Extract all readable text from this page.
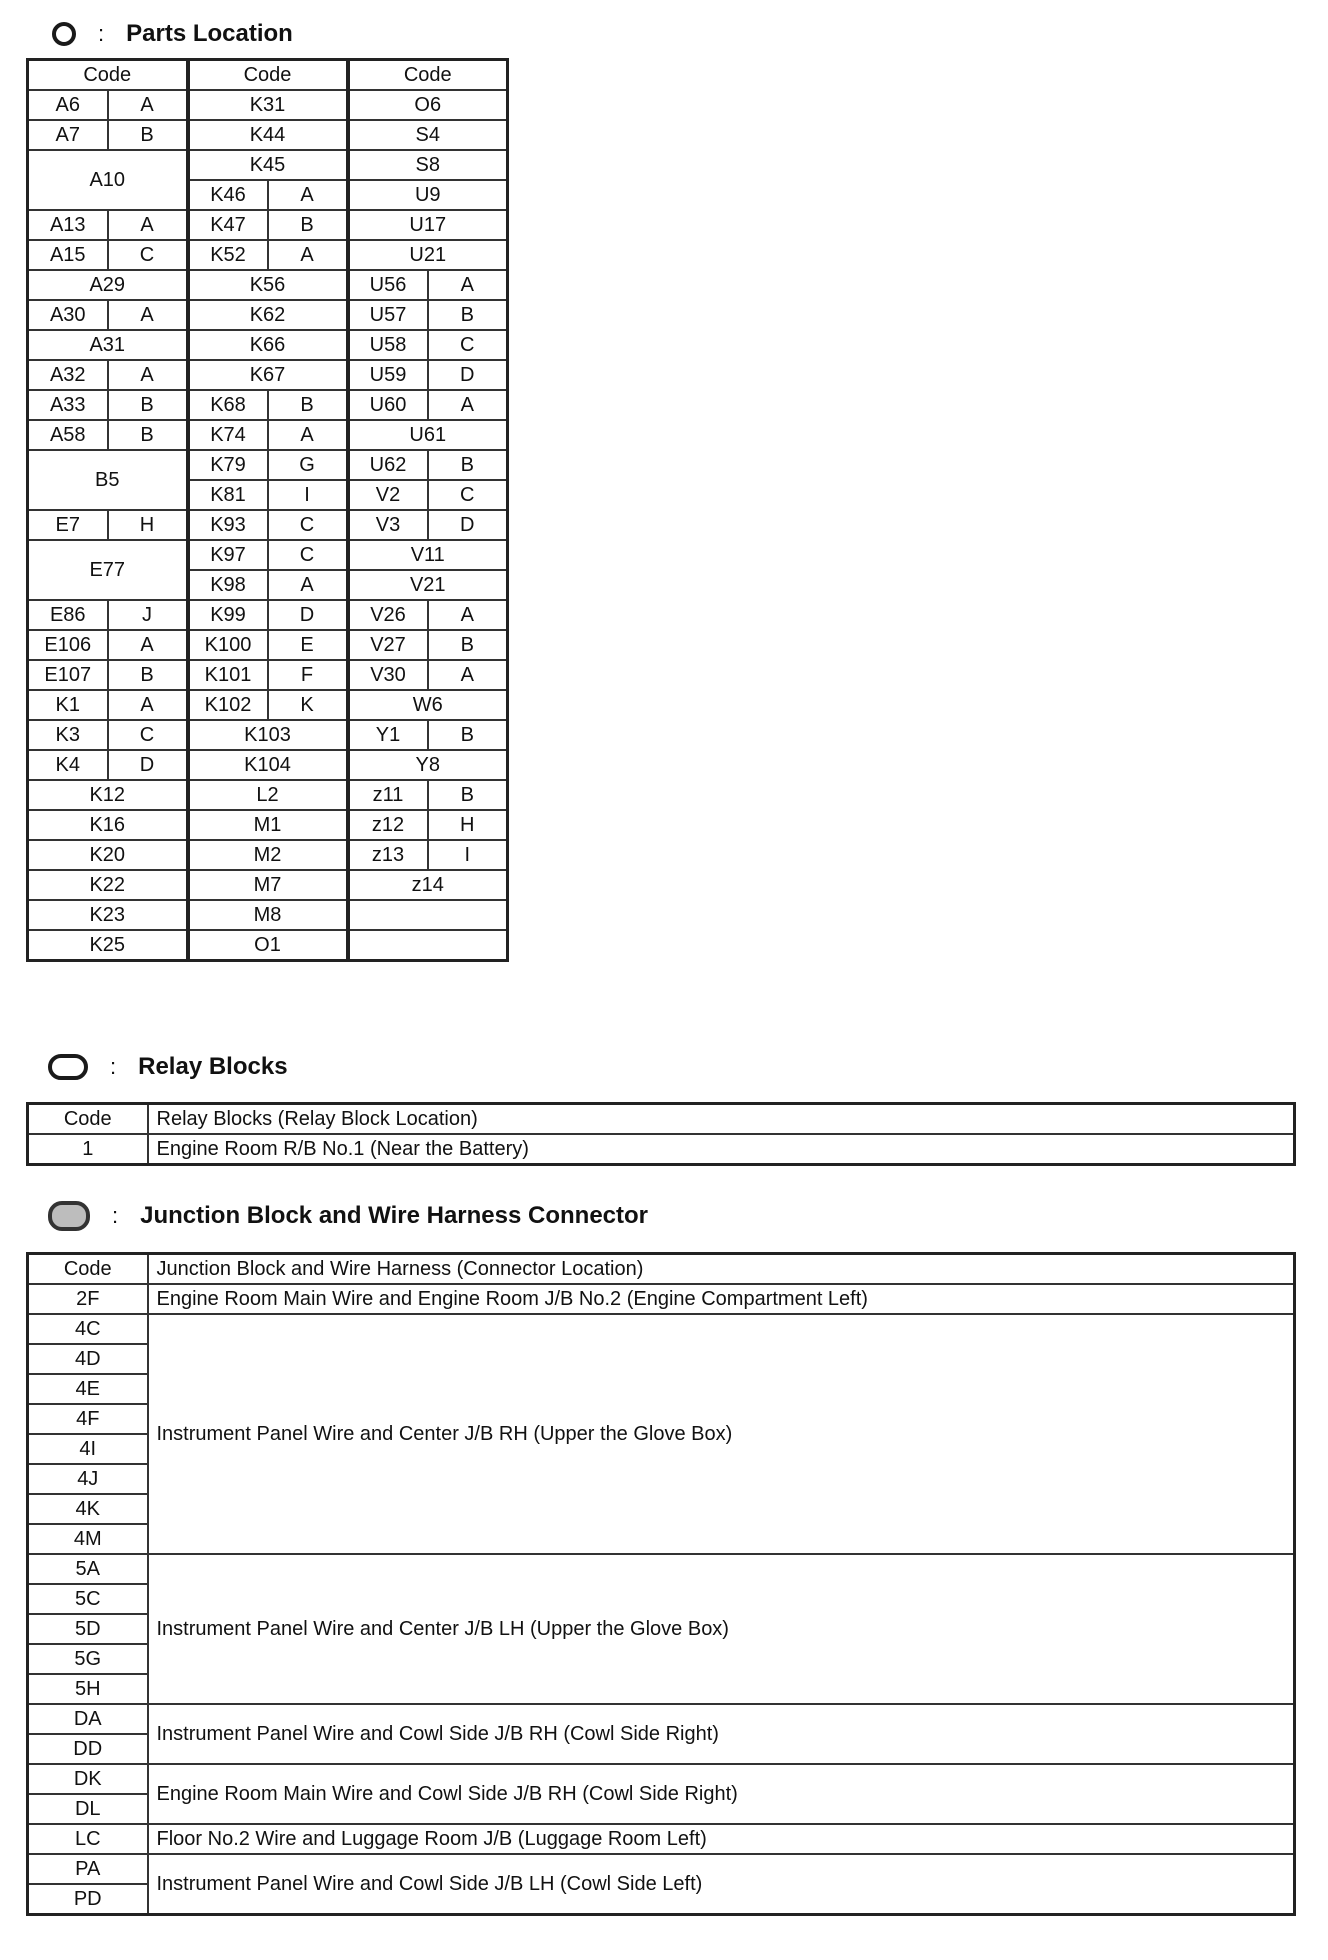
: Parts Location
Code		Code		Code	
A6	A	K31		O6	
A7	B	K44		S4	
A10		K45		S8	
		K46	A	U9	
A13	A	K47	B	U17	
A15	C	K52	A	U21	
A29		K56		U56	A
A30	A	K62		U57	B
A31		K66		U58	C
A32	A	K67		U59	D
A33	B	K68	B	U60	A
A58	B	K74	A	U61	
B5		K79	G	U62	B
		K81	I	V2	C
E7	H	K93	C	V3	D
E77		K97	C	V11	
		K98	A	V21	
E86	J	K99	D	V26	A
E106	A	K100	E	V27	B
E107	B	K101	F	V30	A
K1	A	K102	K	W6	
K3	C	K103		Y1	B
K4	D	K104		Y8	
K12		L2		z11	B
K16		M1		z12	H
K20		M2		z13	I
K22		M7		z14	
K23		M8			
K25		O1			
: Relay Blocks
Code	Relay Blocks (Relay Block Location)
1	Engine Room R/B No.1 (Near the Battery)
: Junction Block and Wire Harness Connector
Code	Junction Block and Wire Harness (Connector Location)
2F	Engine Room Main Wire and Engine Room J/B No.2 (Engine Compartment Left)
4C	Instrument Panel Wire and Center J/B RH (Upper the Glove Box)
4D	
4E	
4F	
4I	
4J	
4K	
4M	
5A	Instrument Panel Wire and Center J/B LH (Upper the Glove Box)
5C	
5D	
5G	
5H	
DA	Instrument Panel Wire and Cowl Side J/B RH (Cowl Side Right)
DD	
DK	Engine Room Main Wire and Cowl Side J/B RH (Cowl Side Right)
DL	
LC	Floor No.2 Wire and Luggage Room J/B (Luggage Room Left)
PA	Instrument Panel Wire and Cowl Side J/B LH (Cowl Side Left)
PD	
